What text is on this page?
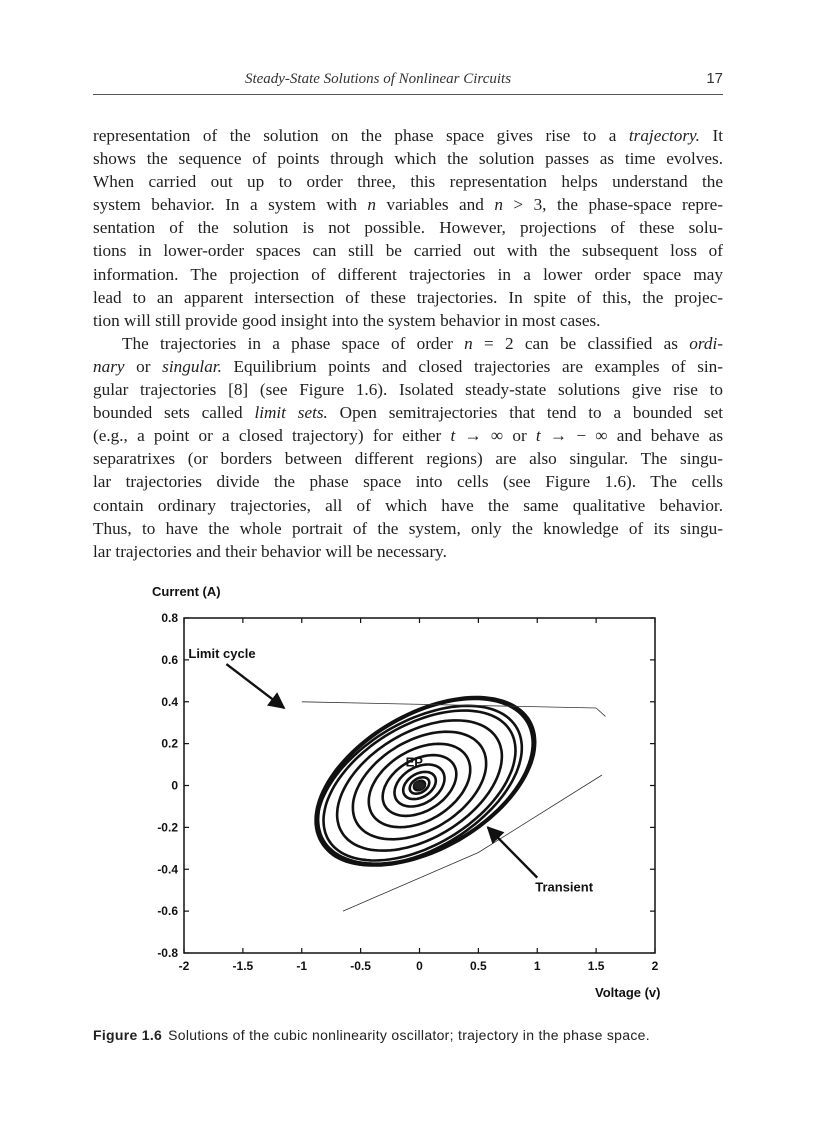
Steady-State Solutions of Nonlinear Circuits	17
representation of the solution on the phase space gives rise to a trajectory. It
shows the sequence of points through which the solution passes as time evolves.
When carried out up to order three, this representation helps understand the
system behavior. In a system with n variables and n > 3, the phase-space repre-
sentation of the solution is not possible. However, projections of these solu-
tions in lower-order spaces can still be carried out with the subsequent loss of
information. The projection of different trajectories in a lower order space may
lead to an apparent intersection of these trajectories. In spite of this, the projec-
tion will still provide good insight into the system behavior in most cases.
The trajectories in a phase space of order n = 2 can be classified as ordi-
nary or singular. Equilibrium points and closed trajectories are examples of sin-
gular trajectories [8] (see Figure 1.6). Isolated steady-state solutions give rise to
bounded sets called limit sets. Open semitrajectories that tend to a bounded set
(e.g., a point or a closed trajectory) for either t → ∞ or t → − ∞ and behave as
separatrixes (or borders between different regions) are also singular. The singu-
lar trajectories divide the phase space into cells (see Figure 1.6). The cells
contain ordinary trajectories, all of which have the same qualitative behavior.
Thus, to have the whole portrait of the system, only the knowledge of its singu-
lar trajectories and their behavior will be necessary.
Current (A)
Voltage (v)
-2	-1.5	-1	-0.5	0	0.5	1	1.5	2
0.8
0.6
0.4
0.2
0
-0.2
-0.4
-0.6
-0.8
Limit cycle
EP
Transient
Figure 1.6 Solutions of the cubic nonlinearity oscillator; trajectory in the phase space.
